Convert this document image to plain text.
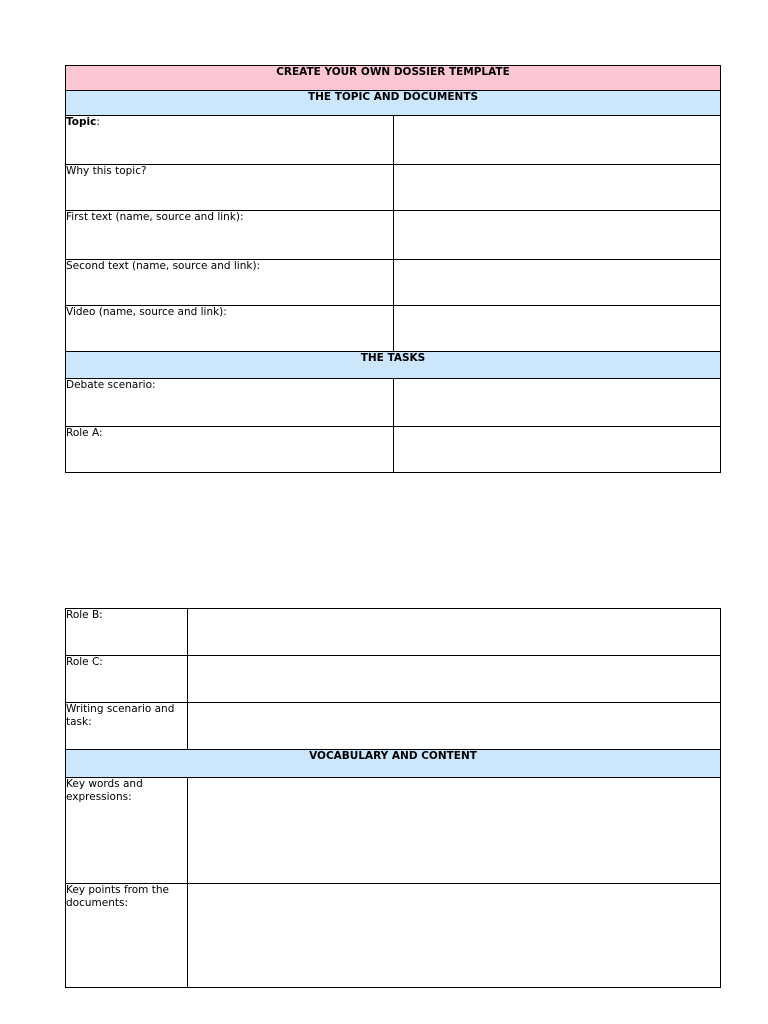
CREATE YOUR OWN DOSSIER TEMPLATE	
THE TOPIC AND DOCUMENTS	
Topic:	
Why this topic?	
First text (name, source and link):	
Second text (name, source and link):	
Video (name, source and link):	
THE TASKS	
Debate scenario:	
Role A:	
Role B:	
Role C:	
Writing scenario and task:	
VOCABULARY AND CONTENT	
Key words and expressions:	
Key points from the documents:	
